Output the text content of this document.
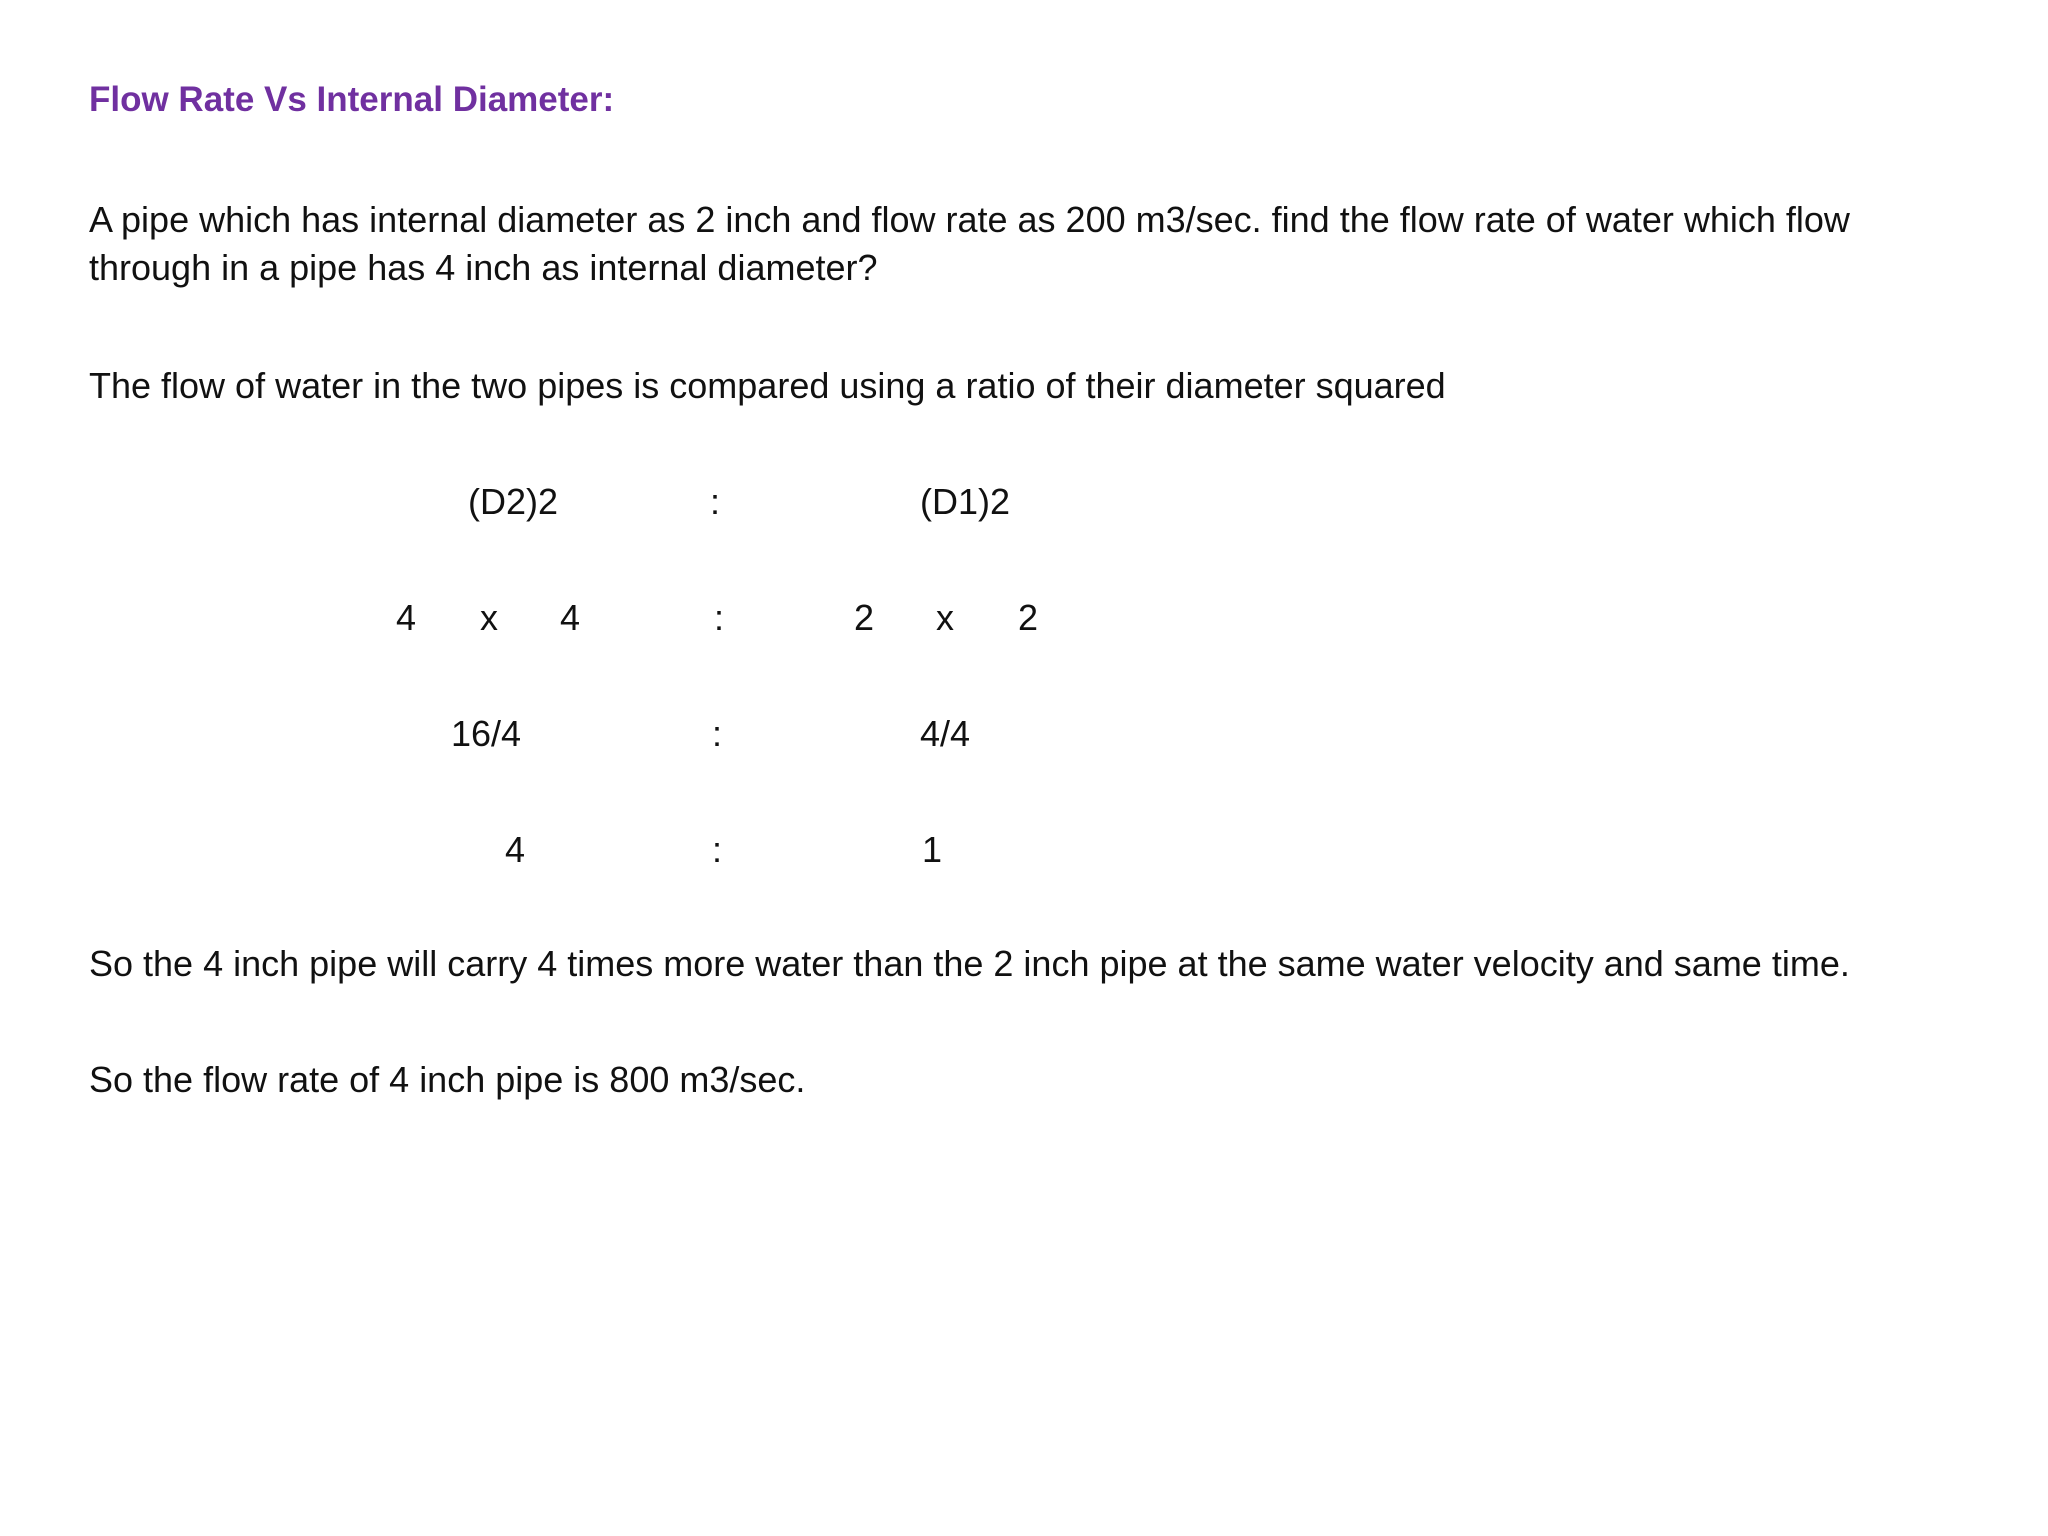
Flow Rate Vs Internal Diameter:
A pipe which has internal diameter as 2 inch and flow rate as 200 m3/sec. find the flow rate of water which flow
through in a pipe has 4 inch as internal diameter?
The flow of water in the two pipes is compared using a ratio of their diameter squared
(D2)2	:	(D1)2
4 x 4	:	2 x 2
16/4	:	4/4
4	:	1
So the 4 inch pipe will carry 4 times more water than the 2 inch pipe at the same water velocity and same time.
So the flow rate of 4 inch pipe is 800 m3/sec.
